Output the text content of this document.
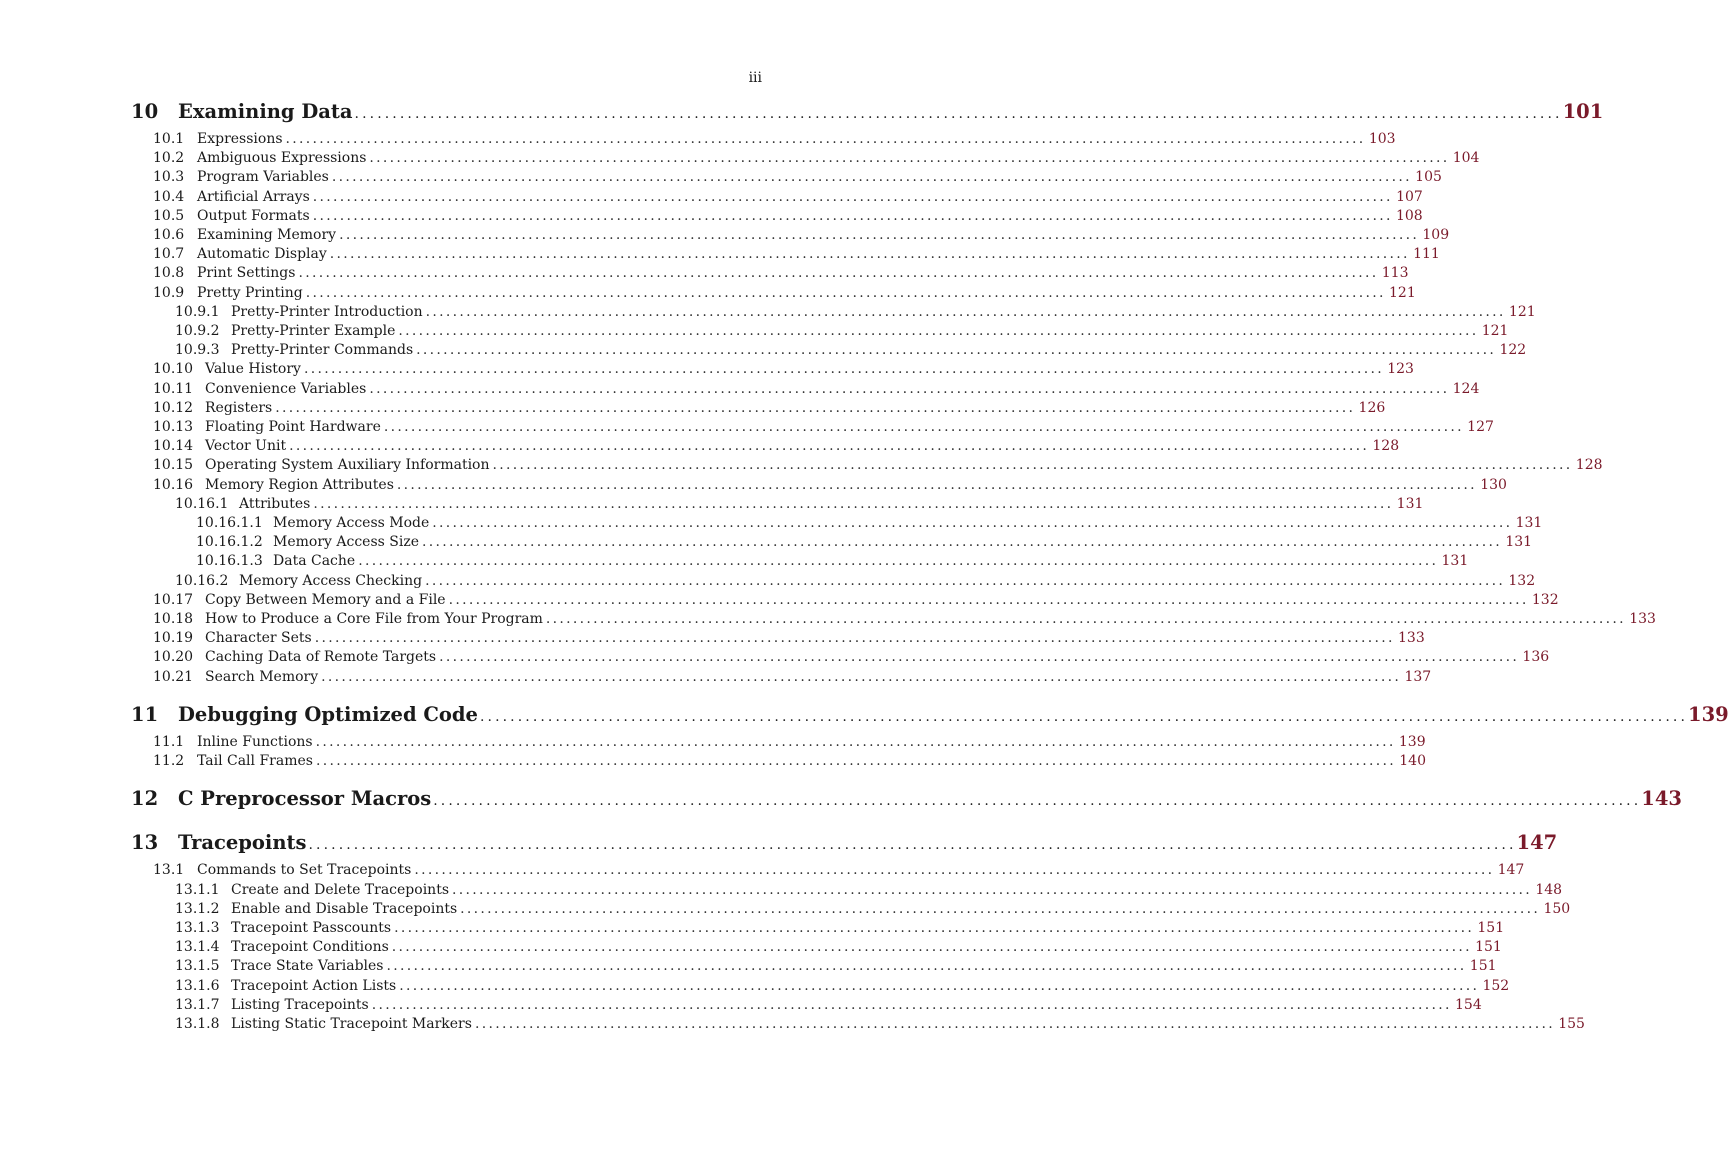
iii
10	Examining Data ................................................................................................................................................................ 101
10.1 Expressions ................................................................................................................................................................ 103
10.2 Ambiguous Expressions ................................................................................................................................................................ 104
10.3 Program Variables ................................................................................................................................................................ 105
10.4 Artificial Arrays ................................................................................................................................................................ 107
10.5 Output Formats ................................................................................................................................................................ 108
10.6 Examining Memory ................................................................................................................................................................ 109
10.7 Automatic Display ................................................................................................................................................................ 111
10.8 Print Settings ................................................................................................................................................................ 113
10.9 Pretty Printing ................................................................................................................................................................ 121
10.9.1 Pretty-Printer Introduction ................................................................................................................................................................ 121
10.9.2 Pretty-Printer Example ................................................................................................................................................................ 121
10.9.3 Pretty-Printer Commands ................................................................................................................................................................ 122
10.10 Value History ................................................................................................................................................................ 123
10.11 Convenience Variables ................................................................................................................................................................ 124
10.12 Registers ................................................................................................................................................................ 126
10.13 Floating Point Hardware ................................................................................................................................................................ 127
10.14 Vector Unit ................................................................................................................................................................ 128
10.15 Operating System Auxiliary Information ................................................................................................................................................................ 128
10.16 Memory Region Attributes ................................................................................................................................................................ 130
10.16.1 Attributes ................................................................................................................................................................ 131
10.16.1.1 Memory Access Mode ................................................................................................................................................................ 131
10.16.1.2 Memory Access Size ................................................................................................................................................................ 131
10.16.1.3 Data Cache ................................................................................................................................................................ 131
10.16.2 Memory Access Checking ................................................................................................................................................................ 132
10.17 Copy Between Memory and a File ................................................................................................................................................................ 132
10.18 How to Produce a Core File from Your Program ................................................................................................................................................................ 133
10.19 Character Sets ................................................................................................................................................................ 133
10.20 Caching Data of Remote Targets ................................................................................................................................................................ 136
10.21 Search Memory ................................................................................................................................................................ 137
11	Debugging Optimized Code ................................................................................................................................................................ 139
11.1 Inline Functions ................................................................................................................................................................ 139
11.2 Tail Call Frames ................................................................................................................................................................ 140
12	C Preprocessor Macros ................................................................................................................................................................ 143
13	Tracepoints ................................................................................................................................................................ 147
13.1 Commands to Set Tracepoints ................................................................................................................................................................ 147
13.1.1 Create and Delete Tracepoints ................................................................................................................................................................ 148
13.1.2 Enable and Disable Tracepoints ................................................................................................................................................................ 150
13.1.3 Tracepoint Passcounts ................................................................................................................................................................ 151
13.1.4 Tracepoint Conditions ................................................................................................................................................................ 151
13.1.5 Trace State Variables ................................................................................................................................................................ 151
13.1.6 Tracepoint Action Lists ................................................................................................................................................................ 152
13.1.7 Listing Tracepoints ................................................................................................................................................................ 154
13.1.8 Listing Static Tracepoint Markers ................................................................................................................................................................ 155
